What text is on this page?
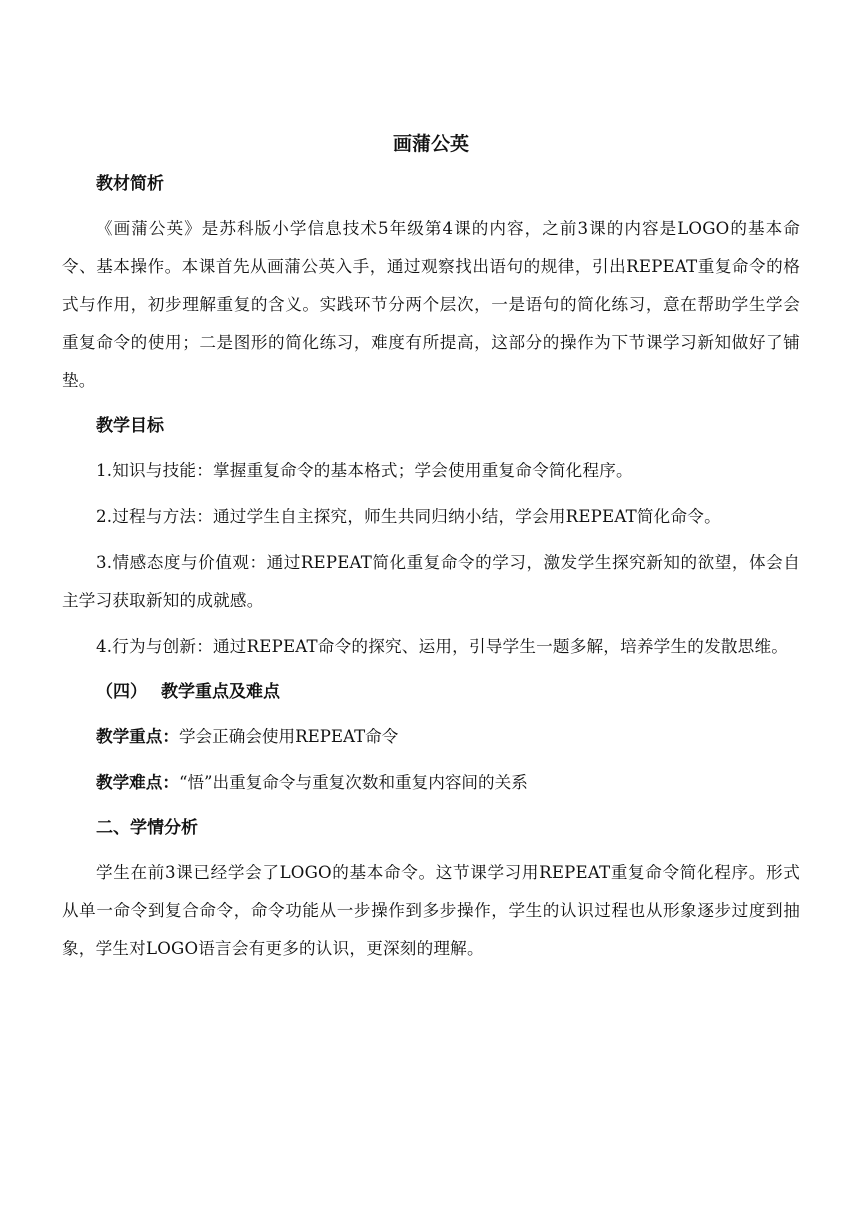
画蒲公英
教材简析

《画蒲公英》是苏科版小学信息技术5年级第4课的内容，之前3课的内容是LOGO的基本命令、基本操作。本课首先从画蒲公英入手，通过观察找出语句的规律，引出REPEAT重复命令的格式与作用，初步理解重复的含义。实践环节分两个层次，一是语句的简化练习，意在帮助学生学会重复命令的使用；二是图形的简化练习，难度有所提高，这部分的操作为下节课学习新知做好了铺垫。

教学目标

1.知识与技能：掌握重复命令的基本格式；学会使用重复命令简化程序。

2.过程与方法：通过学生自主探究，师生共同归纳小结，学会用REPEAT简化命令。

3.情感态度与价值观：通过REPEAT简化重复命令的学习，激发学生探究新知的欲望，体会自主学习获取新知的成就感。

4.行为与创新：通过REPEAT命令的探究、运用，引导学生一题多解，培养学生的发散思维。

（四） 教学重点及难点
教学重点：学会正确会使用REPEAT命令
教学难点：“悟”出重复命令与重复次数和重复内容间的关系
二、学情分析

学生在前3课已经学会了LOGO的基本命令。这节课学习用REPEAT重复命令简化程序。形式从单一命令到复合命令，命令功能从一步操作到多步操作，学生的认识过程也从形象逐步过度到抽象，学生对LOGO语言会有更多的认识，更深刻的理解。
